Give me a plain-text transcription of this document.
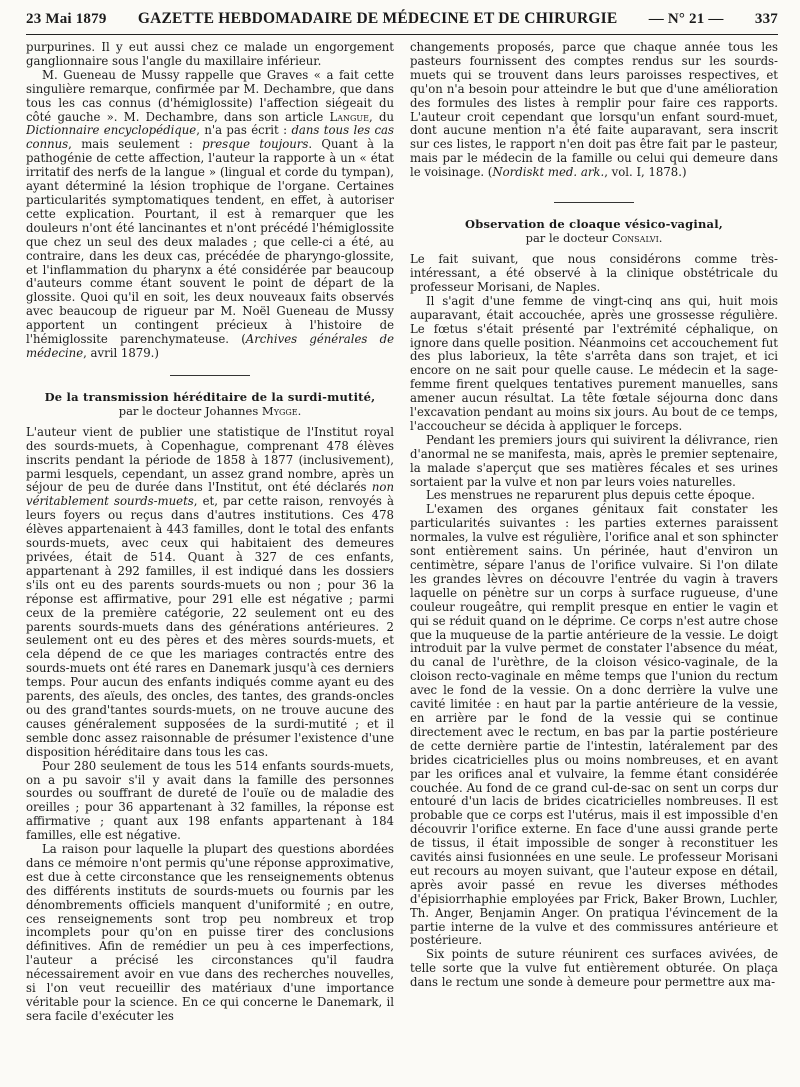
23 Mai 1879 GAZETTE HEBDOMADAIRE DE MÉDECINE ET DE CHIRURGIE — N° 21 — 337

purpurines. Il y eut aussi chez ce malade un engorgement ganglionnaire sous l'angle du maxillaire inférieur.

M. Gueneau de Mussy rappelle que Graves « a fait cette singulière remarque, confirmée par M. Dechambre, que dans tous les cas connus (d'hémiglossite) l'affection siégeait du côté gauche ». M. Dechambre, dans son article Langue, du Dictionnaire encyclopédique, n'a pas écrit : dans tous les cas connus, mais seulement : presque toujours. Quant à la pathogénie de cette affection, l'auteur la rapporte à un « état irritatif des nerfs de la langue » (lingual et corde du tympan), ayant déterminé la lésion trophique de l'organe. Certaines particularités symptomatiques tendent, en effet, à autoriser cette explication. Pourtant, il est à remarquer que les douleurs n'ont été lancinantes et n'ont précédé l'hémiglossite que chez un seul des deux malades ; que celle-ci a été, au contraire, dans les deux cas, précédée de pharyngo-glossite, et l'inflammation du pharynx a été considérée par beaucoup d'auteurs comme étant souvent le point de départ de la glossite. Quoi qu'il en soit, les deux nouveaux faits observés avec beaucoup de rigueur par M. Noël Gueneau de Mussy apportent un contingent précieux à l'histoire de l'hémiglossite parenchymateuse. (Archives générales de médecine, avril 1879.)

De la transmission héréditaire de la surdi-mutité,
par le docteur Johannes Mygge.

L'auteur vient de publier une statistique de l'Institut royal des sourds-muets, à Copenhague, comprenant 478 élèves inscrits pendant la période de 1858 à 1877 (inclusivement), parmi lesquels, cependant, un assez grand nombre, après un séjour de peu de durée dans l'Institut, ont été déclarés non véritablement sourds-muets, et, par cette raison, renvoyés à leurs foyers ou reçus dans d'autres institutions. Ces 478 élèves appartenaient à 443 familles, dont le total des enfants sourds-muets, avec ceux qui habitaient des demeures privées, était de 514. Quant à 327 de ces enfants, appartenant à 292 familles, il est indiqué dans les dossiers s'ils ont eu des parents sourds-muets ou non ; pour 36 la réponse est affirmative, pour 291 elle est négative ; parmi ceux de la première catégorie, 22 seulement ont eu des parents sourds-muets dans des générations antérieures. 2 seulement ont eu des pères et des mères sourds-muets, et cela dépend de ce que les mariages contractés entre des sourds-muets ont été rares en Danemark jusqu'à ces derniers temps. Pour aucun des enfants indiqués comme ayant eu des parents, des aïeuls, des oncles, des tantes, des grands-oncles ou des grand'tantes sourds-muets, on ne trouve aucune des causes généralement supposées de la surdi-mutité ; et il semble donc assez raisonnable de présumer l'existence d'une disposition héréditaire dans tous les cas.

Pour 280 seulement de tous les 514 enfants sourds-muets, on a pu savoir s'il y avait dans la famille des personnes sourdes ou souffrant de dureté de l'ouïe ou de maladie des oreilles ; pour 36 appartenant à 32 familles, la réponse est affirmative ; quant aux 198 enfants appartenant à 184 familles, elle est négative.

La raison pour laquelle la plupart des questions abordées dans ce mémoire n'ont permis qu'une réponse approximative, est due à cette circonstance que les renseignements obtenus des différents instituts de sourds-muets ou fournis par les dénombrements officiels manquent d'uniformité ; en outre, ces renseignements sont trop peu nombreux et trop incomplets pour qu'on en puisse tirer des conclusions définitives. Afin de remédier un peu à ces imperfections, l'auteur a précisé les circonstances qu'il faudra nécessairement avoir en vue dans des recherches nouvelles, si l'on veut recueillir des matériaux d'une importance véritable pour la science. En ce qui concerne le Danemark, il sera facile d'exécuter les

changements proposés, parce que chaque année tous les pasteurs fournissent des comptes rendus sur les sourds-muets qui se trouvent dans leurs paroisses respectives, et qu'on n'a besoin pour atteindre le but que d'une amélioration des formules des listes à remplir pour faire ces rapports. L'auteur croit cependant que lorsqu'un enfant sourd-muet, dont aucune mention n'a été faite auparavant, sera inscrit sur ces listes, le rapport n'en doit pas être fait par le pasteur, mais par le médecin de la famille ou celui qui demeure dans le voisinage. (Nordiskt med. ark., vol. I, 1878.)

Observation de cloaque vésico-vaginal,
par le docteur Consalvi.

Le fait suivant, que nous considérons comme très-intéressant, a été observé à la clinique obstétricale du professeur Morisani, de Naples.

Il s'agit d'une femme de vingt-cinq ans qui, huit mois auparavant, était accouchée, après une grossesse régulière. Le fœtus s'était présenté par l'extrémité céphalique, on ignore dans quelle position. Néanmoins cet accouchement fut des plus laborieux, la tête s'arrêta dans son trajet, et ici encore on ne sait pour quelle cause. Le médecin et la sage-femme firent quelques tentatives purement manuelles, sans amener aucun résultat. La tête fœtale séjourna donc dans l'excavation pendant au moins six jours. Au bout de ce temps, l'accoucheur se décida à appliquer le forceps.

Pendant les premiers jours qui suivirent la délivrance, rien d'anormal ne se manifesta, mais, après le premier septenaire, la malade s'aperçut que ses matières fécales et ses urines sortaient par la vulve et non par leurs voies naturelles.

Les menstrues ne reparurent plus depuis cette époque.

L'examen des organes génitaux fait constater les particularités suivantes : les parties externes paraissent normales, la vulve est régulière, l'orifice anal et son sphincter sont entièrement sains. Un périnée, haut d'environ un centimètre, sépare l'anus de l'orifice vulvaire. Si l'on dilate les grandes lèvres on découvre l'entrée du vagin à travers laquelle on pénètre sur un corps à surface rugueuse, d'une couleur rougeâtre, qui remplit presque en entier le vagin et qui se réduit quand on le déprime. Ce corps n'est autre chose que la muqueuse de la partie antérieure de la vessie. Le doigt introduit par la vulve permet de constater l'absence du méat, du canal de l'urèthre, de la cloison vésico-vaginale, de la cloison recto-vaginale en même temps que l'union du rectum avec le fond de la vessie. On a donc derrière la vulve une cavité limitée : en haut par la partie antérieure de la vessie, en arrière par le fond de la vessie qui se continue directement avec le rectum, en bas par la partie postérieure de cette dernière partie de l'intestin, latéralement par des brides cicatricielles plus ou moins nombreuses, et en avant par les orifices anal et vulvaire, la femme étant considérée couchée. Au fond de ce grand cul-de-sac on sent un corps dur entouré d'un lacis de brides cicatricielles nombreuses. Il est probable que ce corps est l'utérus, mais il est impossible d'en découvrir l'orifice externe. En face d'une aussi grande perte de tissus, il était impossible de songer à reconstituer les cavités ainsi fusionnées en une seule. Le professeur Morisani eut recours au moyen suivant, que l'auteur expose en détail, après avoir passé en revue les diverses méthodes d'épisiorrhaphie employées par Frick, Baker Brown, Luchler, Th. Anger, Benjamin Anger. On pratiqua l'évincement de la partie interne de la vulve et des commissures antérieure et postérieure.

Six points de suture réunirent ces surfaces avivées, de telle sorte que la vulve fut entièrement obturée. On plaça dans le rectum une sonde à demeure pour permettre aux ma-
